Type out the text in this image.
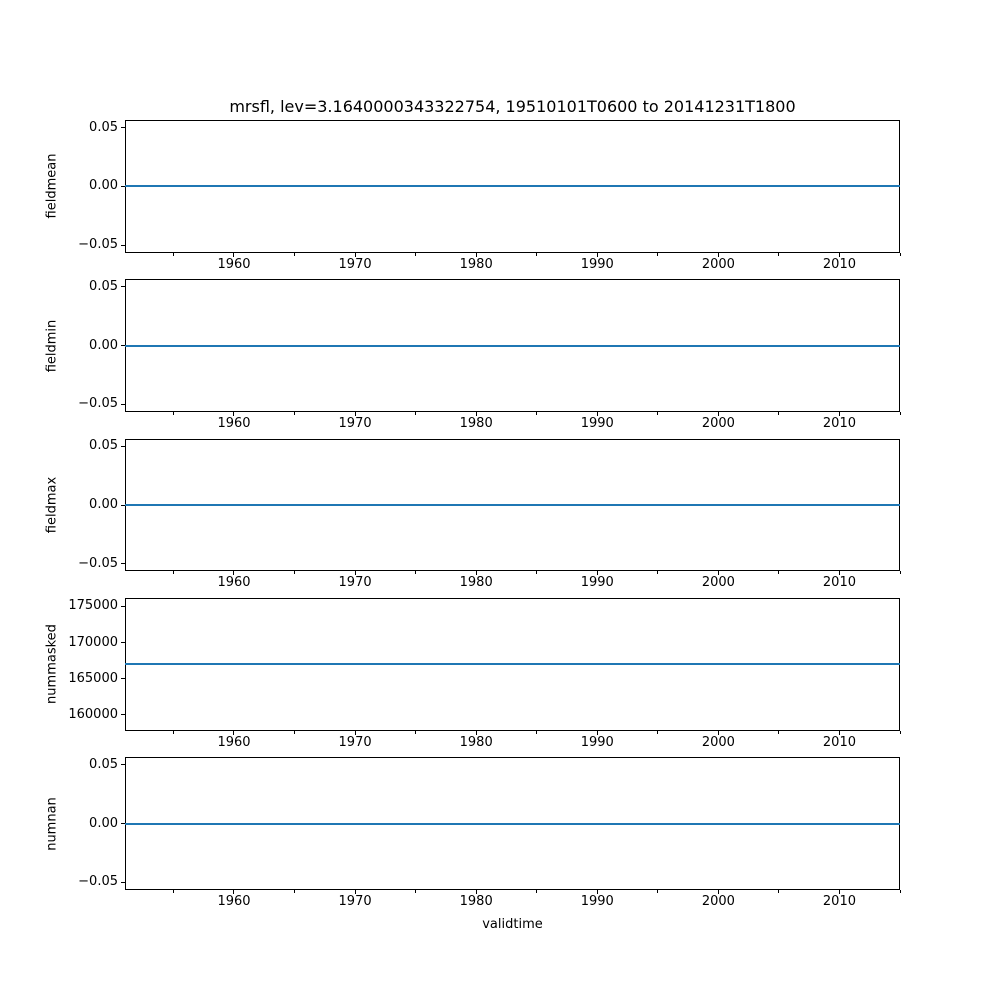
mrsfl, lev=3.1640000343322754, 19510101T0600 to 20141231T1800
0.05
0.00
−0.05
fieldmean
1960	1970	1980	1990	2000	2010
0.05
0.00
−0.05
fieldmin
1960	1970	1980	1990	2000	2010
0.05
0.00
−0.05
fieldmax
1960	1970	1980	1990	2000	2010
175000
170000
165000
160000
nummasked
1960	1970	1980	1990	2000	2010
0.05
0.00
−0.05
numnan
1960	1970	1980	1990	2000	2010
validtime
